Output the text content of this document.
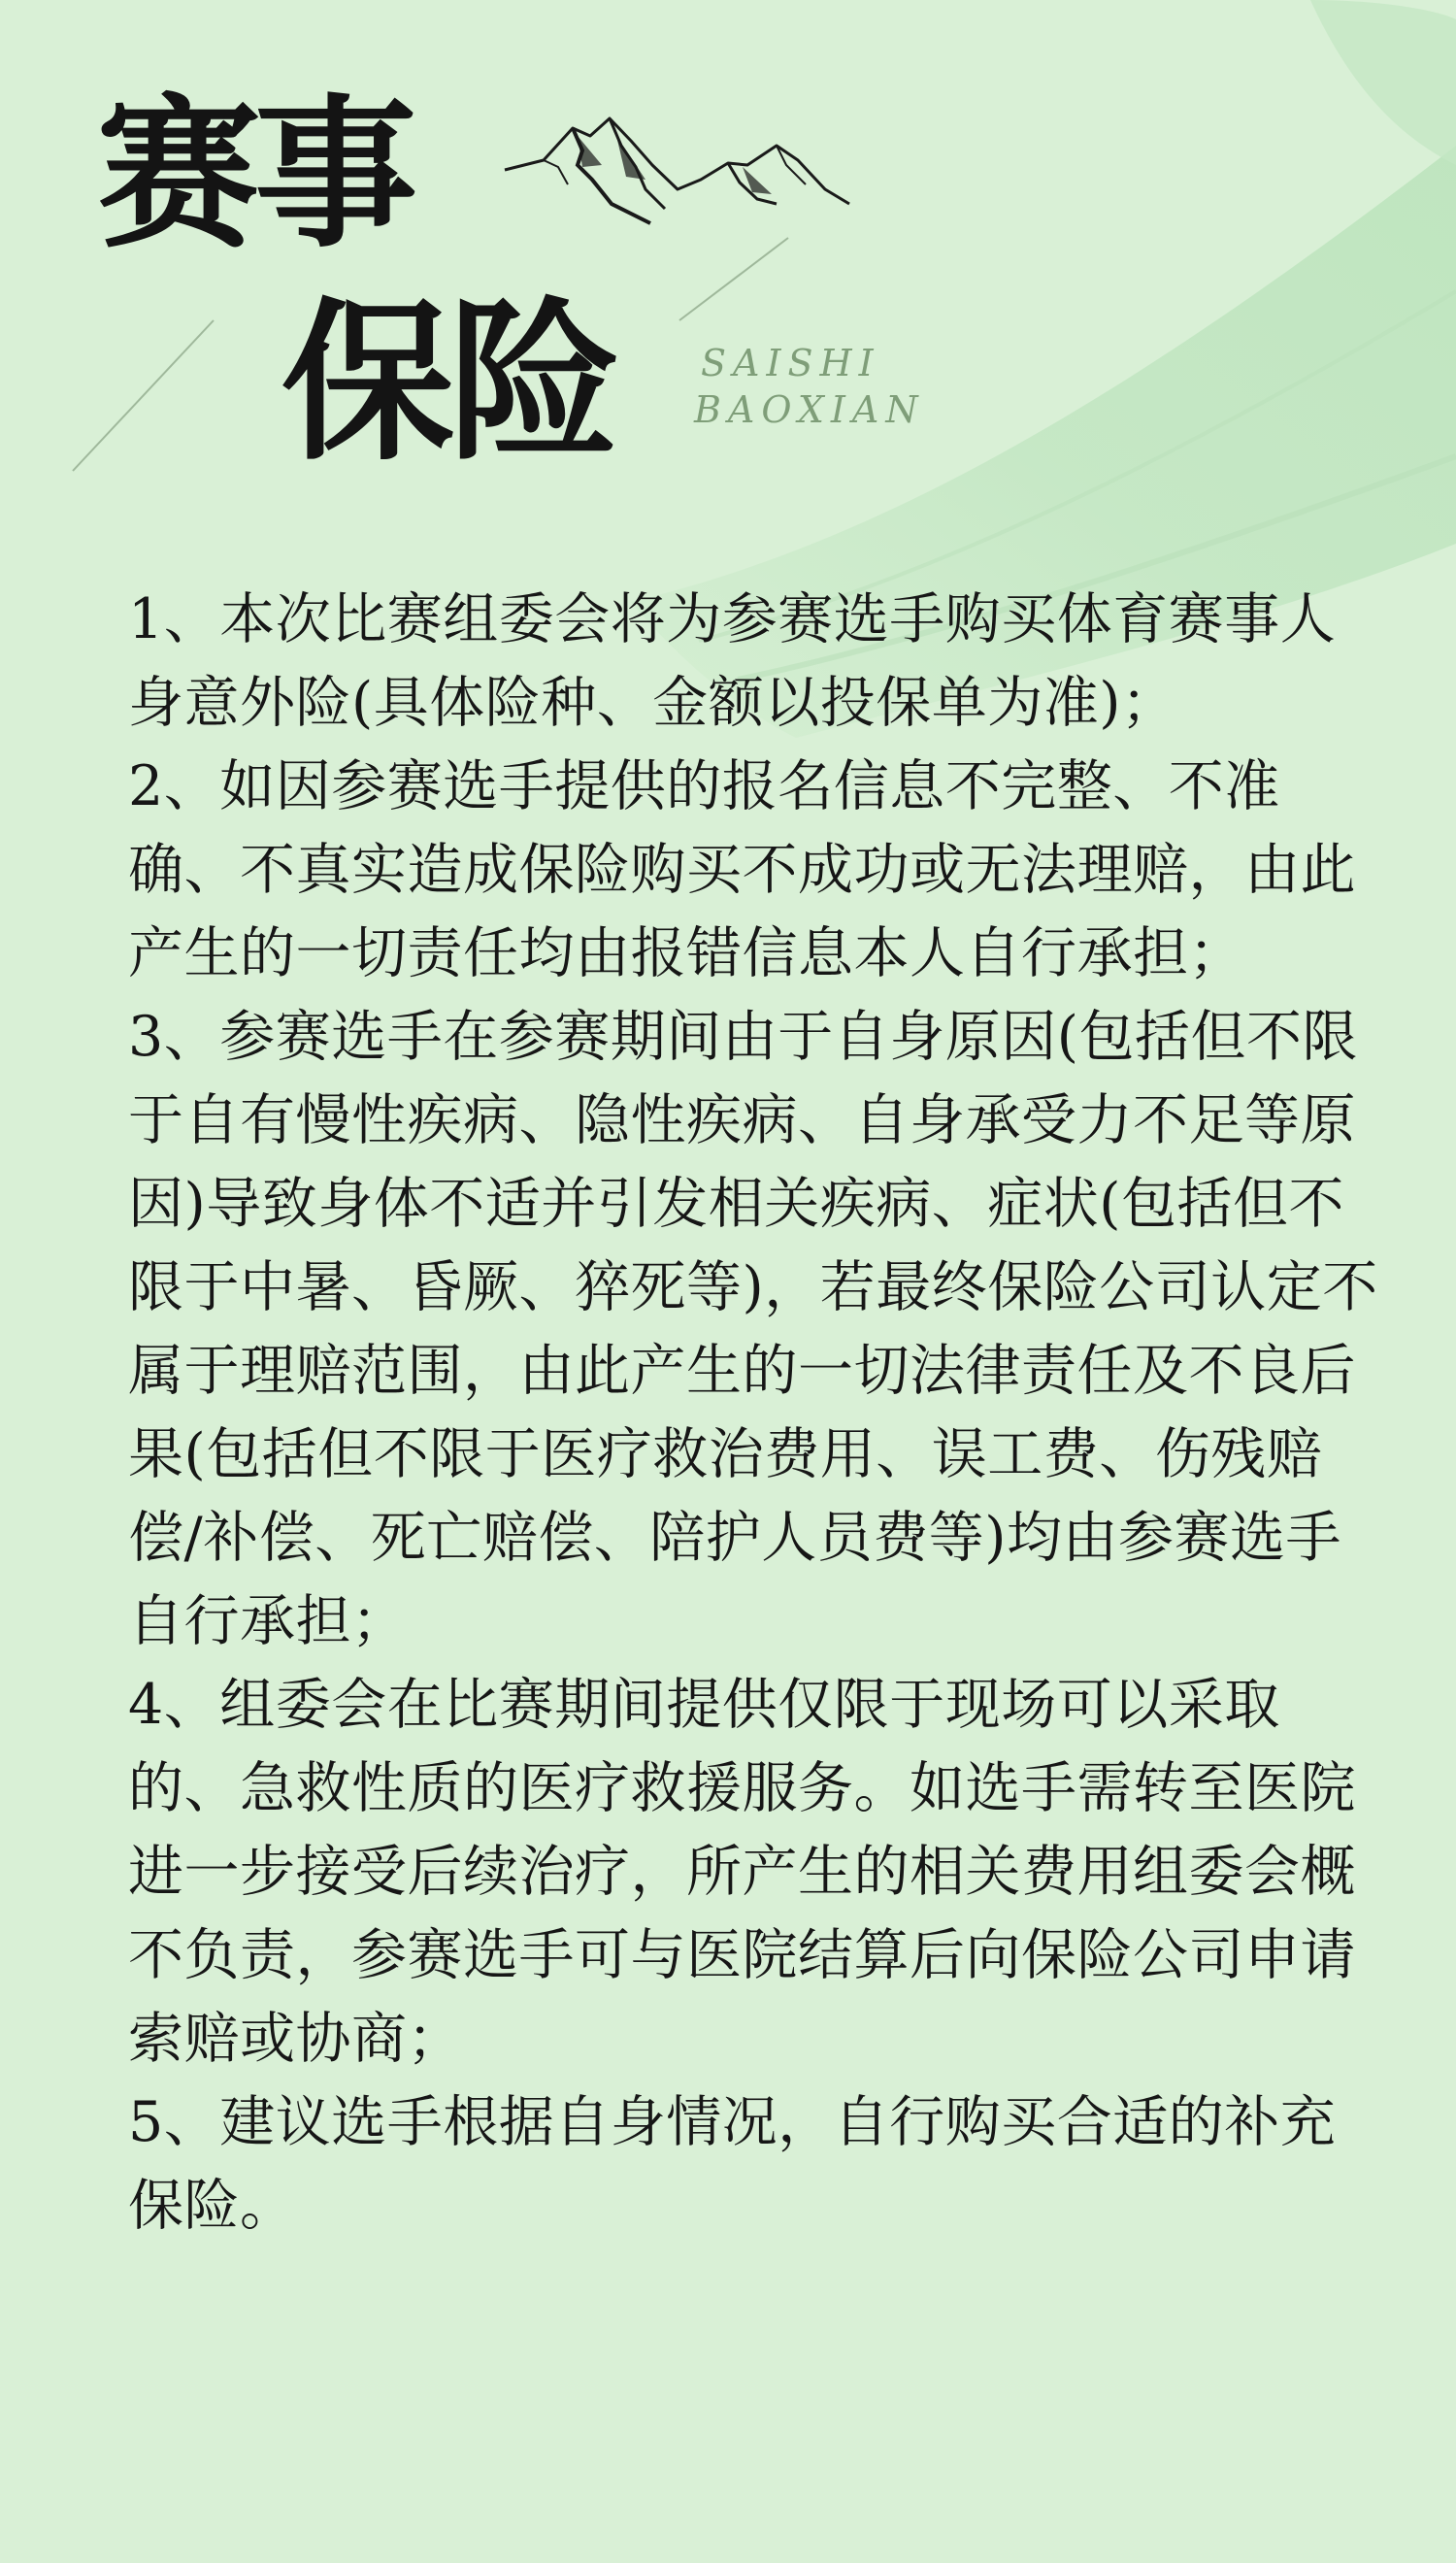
赛事
保险 SAISHI
BAOXIAN

1、本次比赛组委会将为参赛选手购买体育赛事人身意外险(具体险种、金额以投保单为准)；

2、如因参赛选手提供的报名信息不完整、不准确、不真实造成保险购买不成功或无法理赔，由此产生的一切责任均由报错信息本人自行承担；

3、参赛选手在参赛期间由于自身原因(包括但不限于自有慢性疾病、隐性疾病、自身承受力不足等原因)导致身体不适并引发相关疾病、症状(包括但不限于中暑、昏厥、猝死等)，若最终保险公司认定不属于理赔范围，由此产生的一切法律责任及不良后果(包括但不限于医疗救治费用、误工费、伤残赔偿/补偿、死亡赔偿、陪护人员费等)均由参赛选手自行承担；

4、组委会在比赛期间提供仅限于现场可以采取的、急救性质的医疗救援服务。如选手需转至医院进一步接受后续治疗，所产生的相关费用组委会概不负责，参赛选手可与医院结算后向保险公司申请索赔或协商；

5、建议选手根据自身情况，自行购买合适的补充保险。
